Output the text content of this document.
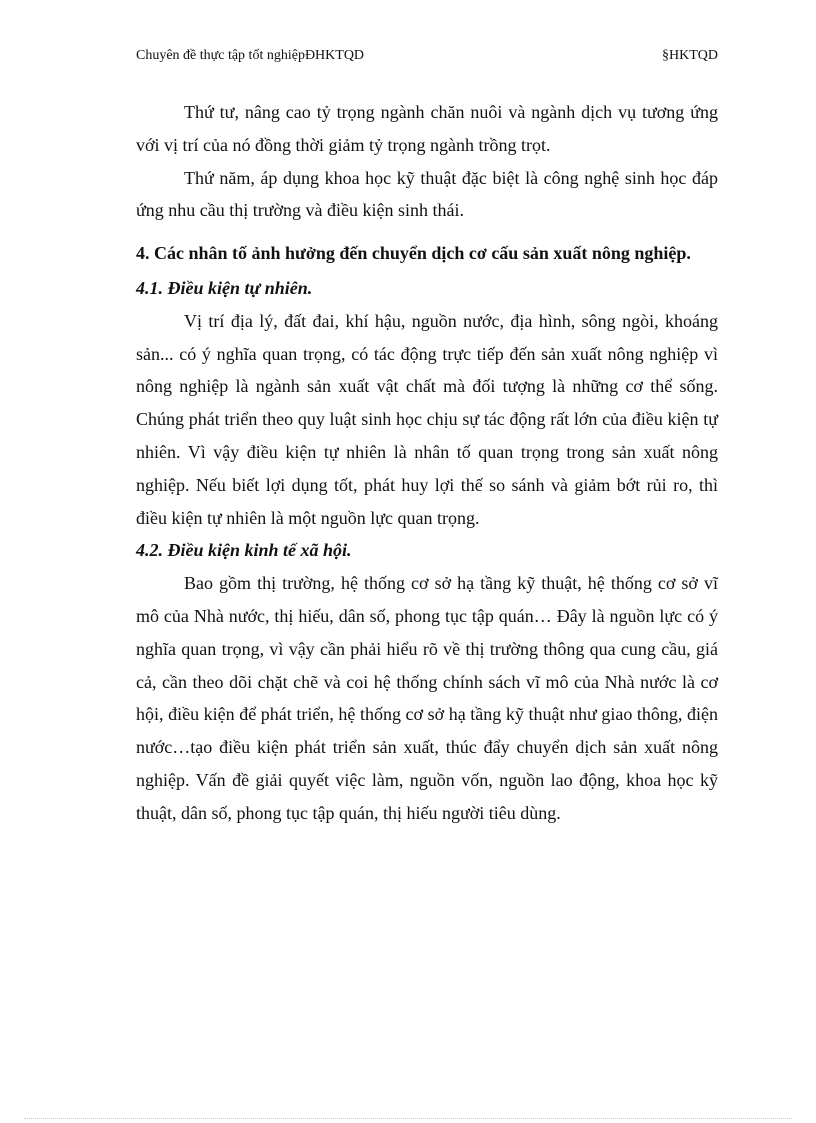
Chuyên đề thực tập tốt nghiệpĐHKTQD	§HKTQD

Thứ tư, nâng cao tỷ trọng ngành chăn nuôi và ngành dịch vụ tương ứng với vị trí của nó đồng thời giảm tỷ trọng ngành trồng trọt.

Thứ năm, áp dụng khoa học kỹ thuật đặc biệt là công nghệ sinh học đáp ứng nhu cầu thị trường và điều kiện sinh thái.

4. Các nhân tố ảnh hưởng đến chuyển dịch cơ cấu sản xuất nông nghiệp.
4.1. Điều kiện tự nhiên.

Vị trí địa lý, đất đai, khí hậu, nguồn nước, địa hình, sông ngòi, khoáng sản... có ý nghĩa quan trọng, có tác động trực tiếp đến sản xuất nông nghiệp vì nông nghiệp là ngành sản xuất vật chất mà đối tượng là những cơ thể sống. Chúng phát triển theo quy luật sinh học chịu sự tác động rất lớn của điều kiện tự nhiên. Vì vậy điều kiện tự nhiên là nhân tố quan trọng trong sản xuất nông nghiệp. Nếu biết lợi dụng tốt, phát huy lợi thế so sánh và giảm bớt rủi ro, thì điều kiện tự nhiên là một nguồn lực quan trọng.

4.2. Điều kiện kinh tế xã hội.

Bao gồm thị trường, hệ thống cơ sở hạ tầng kỹ thuật, hệ thống cơ sở vĩ mô của Nhà nước, thị hiếu, dân số, phong tục tập quán… Đây là nguồn lực có ý nghĩa quan trọng, vì vậy cần phải hiểu rõ về thị trường thông qua cung cầu, giá cả, cần theo dõi chặt chẽ và coi hệ thống chính sách vĩ mô của Nhà nước là cơ hội, điều kiện để phát triển, hệ thống cơ sở hạ tầng kỹ thuật như giao thông, điện nước…tạo điều kiện phát triển sản xuất, thúc đẩy chuyển dịch sản xuất nông nghiệp. Vấn đề giải quyết việc làm, nguồn vốn, nguồn lao động, khoa học kỹ thuật, dân số, phong tục tập quán, thị hiếu người tiêu dùng.
